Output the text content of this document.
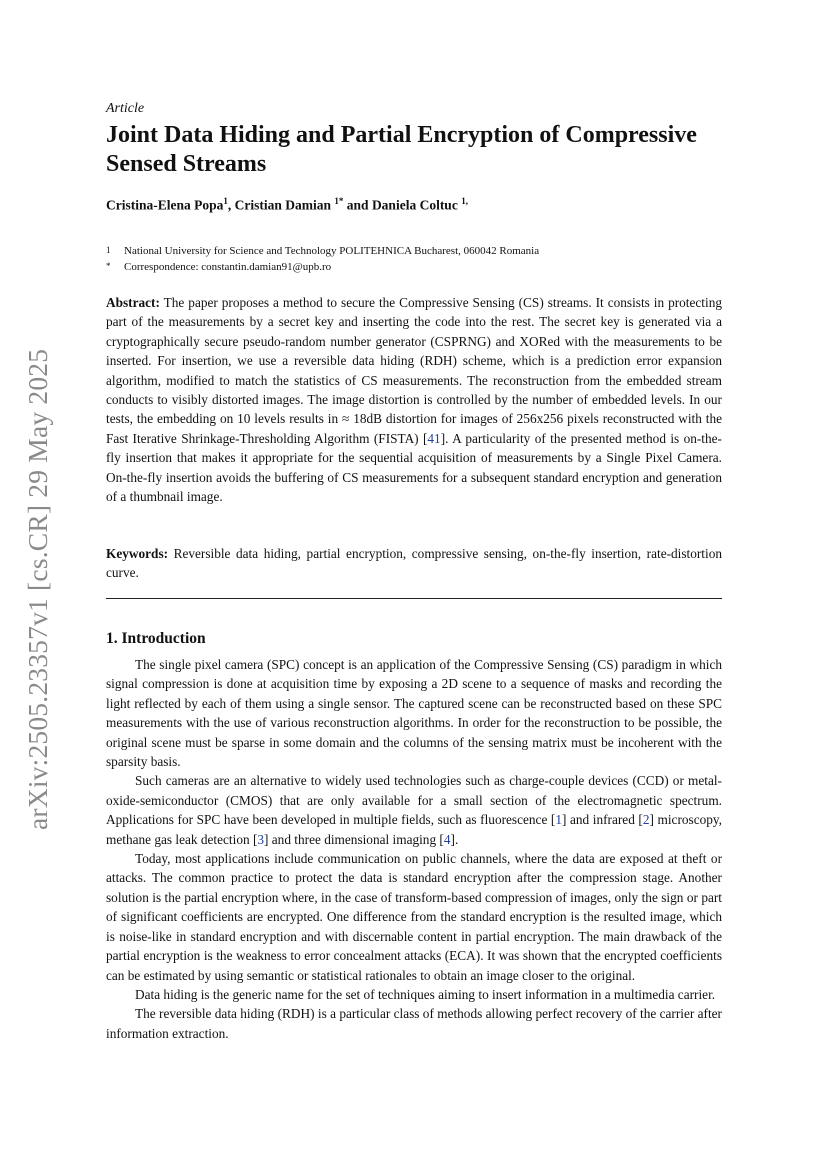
arXiv:2505.23357v1 [cs.CR] 29 May 2025
Article
Joint Data Hiding and Partial Encryption of Compressive Sensed Streams
Cristina-Elena Popa$^1$, Cristian Damian $^{1*}$ and Daniela Coltuc $^{1,}$
1 National University for Science and Technology POLITEHNICA Bucharest, 060042 Romania
* Correspondence: constantin.damian91@upb.ro

Abstract: The paper proposes a method to secure the Compressive Sensing (CS) streams. It consists in protecting part of the measurements by a secret key and inserting the code into the rest. The secret key is generated via a cryptographically secure pseudo-random number generator (CSPRNG) and XORed with the measurements to be inserted. For insertion, we use a reversible data hiding (RDH) scheme, which is a prediction error expansion algorithm, modified to match the statistics of CS measurements. The reconstruction from the embedded stream conducts to visibly distorted images. The image distortion is controlled by the number of embedded levels. In our tests, the embedding on 10 levels results in ≈ 18dB distortion for images of 256x256 pixels reconstructed with the Fast Iterative Shrinkage-Thresholding Algorithm (FISTA) [41]. A particularity of the presented method is on-the-fly insertion that makes it appropriate for the sequential acquisition of measurements by a Single Pixel Camera. On-the-fly insertion avoids the buffering of CS measurements for a subsequent standard encryption and generation of a thumbnail image.

Keywords: Reversible data hiding, partial encryption, compressive sensing, on-the-fly insertion, rate-distortion curve.

1. Introduction

The single pixel camera (SPC) concept is an application of the Compressive Sensing (CS) paradigm in which signal compression is done at acquisition time by exposing a 2D scene to a sequence of masks and recording the light reflected by each of them using a single sensor. The captured scene can be reconstructed based on these SPC measurements with the use of various reconstruction algorithms. In order for the reconstruction to be possible, the original scene must be sparse in some domain and the columns of the sensing matrix must be incoherent with the sparsity basis.

Such cameras are an alternative to widely used technologies such as charge-couple devices (CCD) or metal-oxide-semiconductor (CMOS) that are only available for a small section of the electromagnetic spectrum. Applications for SPC have been developed in multiple fields, such as fluorescence [1] and infrared [2] microscopy, methane gas leak detection [3] and three dimensional imaging [4].

Today, most applications include communication on public channels, where the data are exposed at theft or attacks. The common practice to protect the data is standard encryption after the compression stage. Another solution is the partial encryption where, in the case of transform-based compression of images, only the sign or part of significant coefficients are encrypted. One difference from the standard encryption is the resulted image, which is noise-like in standard encryption and with discernable content in partial encryption. The main drawback of the partial encryption is the weakness to error concealment attacks (ECA). It was shown that the encrypted coefficients can be estimated by using semantic or statistical rationales to obtain an image closer to the original.

Data hiding is the generic name for the set of techniques aiming to insert information in a multimedia carrier.

The reversible data hiding (RDH) is a particular class of methods allowing perfect recovery of the carrier after information extraction.
